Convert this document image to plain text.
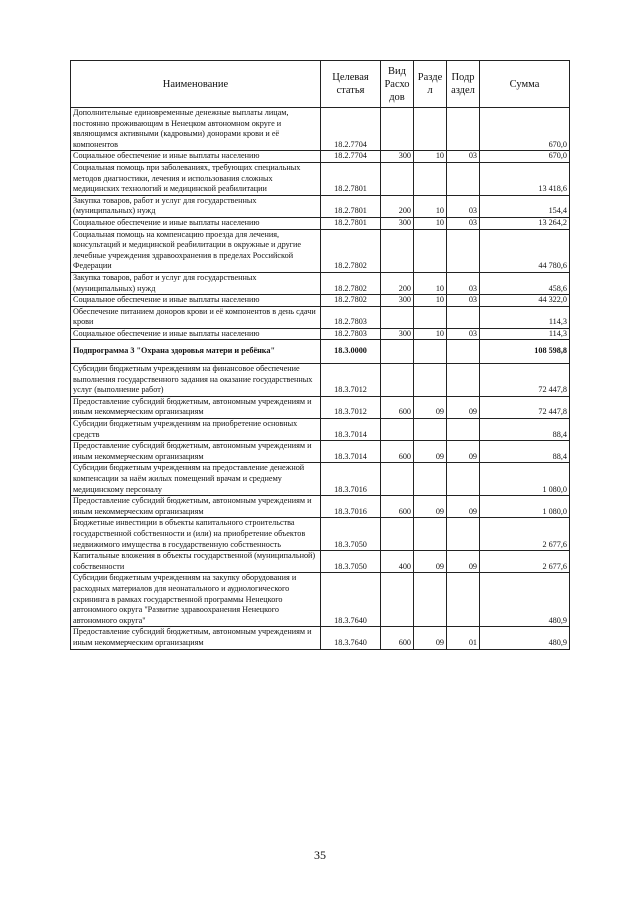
Наименование	Целевая статья	Вид Расхо дов	Разде л	Подр аздел	Сумма
Дополнительные единовременные денежные выплаты лицам, постоянно проживающим в Ненецком автономном округе и являющимся активными (кадровыми) донорами крови и её компонентов	18.2.7704				670,0
Социальное обеспечение и иные выплаты населению	18.2.7704	300	10	03	670,0
Социальная помощь при заболеваниях, требующих специальных методов диагностики, лечения и использования сложных медицинских технологий и медицинской реабилитации	18.2.7801				13 418,6
Закупка товаров, работ и услуг для государственных (муниципальных) нужд	18.2.7801	200	10	03	154,4
Социальное обеспечение и иные выплаты населению	18.2.7801	300	10	03	13 264,2
Социальная помощь на компенсацию проезда для лечения, консультаций и медицинской реабилитации в окружные и другие лечебные учреждения здравоохранения в пределах Российской Федерации	18.2.7802				44 780,6
Закупка товаров, работ и услуг для государственных (муниципальных) нужд	18.2.7802	200	10	03	458,6
Социальное обеспечение и иные выплаты населению	18.2.7802	300	10	03	44 322,0
Обеспечение питанием доноров крови и её компонентов в день сдачи крови	18.2.7803				114,3
Социальное обеспечение и иные выплаты населению	18.2.7803	300	10	03	114,3
Подпрограмма 3 "Охрана здоровья матери и ребёнка"	18.3.0000				108 598,8
Субсидии бюджетным учреждениям на финансовое обеспечение выполнения государственного задания на оказание государственных услуг (выполнение работ)	18.3.7012				72 447,8
Предоставление субсидий бюджетным, автономным учреждениям и иным некоммерческим организациям	18.3.7012	600	09	09	72 447,8
Субсидии бюджетным учреждениям на приобретение основных средств	18.3.7014				88,4
Предоставление субсидий бюджетным, автономным учреждениям и иным некоммерческим организациям	18.3.7014	600	09	09	88,4
Субсидии бюджетным учреждениям на предоставление денежной компенсации за наём жилых помещений врачам и среднему медицинскому персоналу	18.3.7016				1 080,0
Предоставление субсидий бюджетным, автономным учреждениям и иным некоммерческим организациям	18.3.7016	600	09	09	1 080,0
Бюджетные инвестиции в объекты капитального строительства государственной собственности и (или) на приобретение объектов недвижимого имущества в государственную собственность	18.3.7050				2 677,6
Капитальные вложения в объекты государственной (муниципальной) собственности	18.3.7050	400	09	09	2 677,6
Субсидии бюджетным учреждениям на закупку оборудования и расходных материалов для неонатального и аудиологического скрининга в рамках государственной программы Ненецкого автономного округа "Развитие здравоохранения Ненецкого автономного округа"	18.3.7640				480,9
Предоставление субсидий бюджетным, автономным учреждениям и иным некоммерческим организациям	18.3.7640	600	09	01	480,9
35
